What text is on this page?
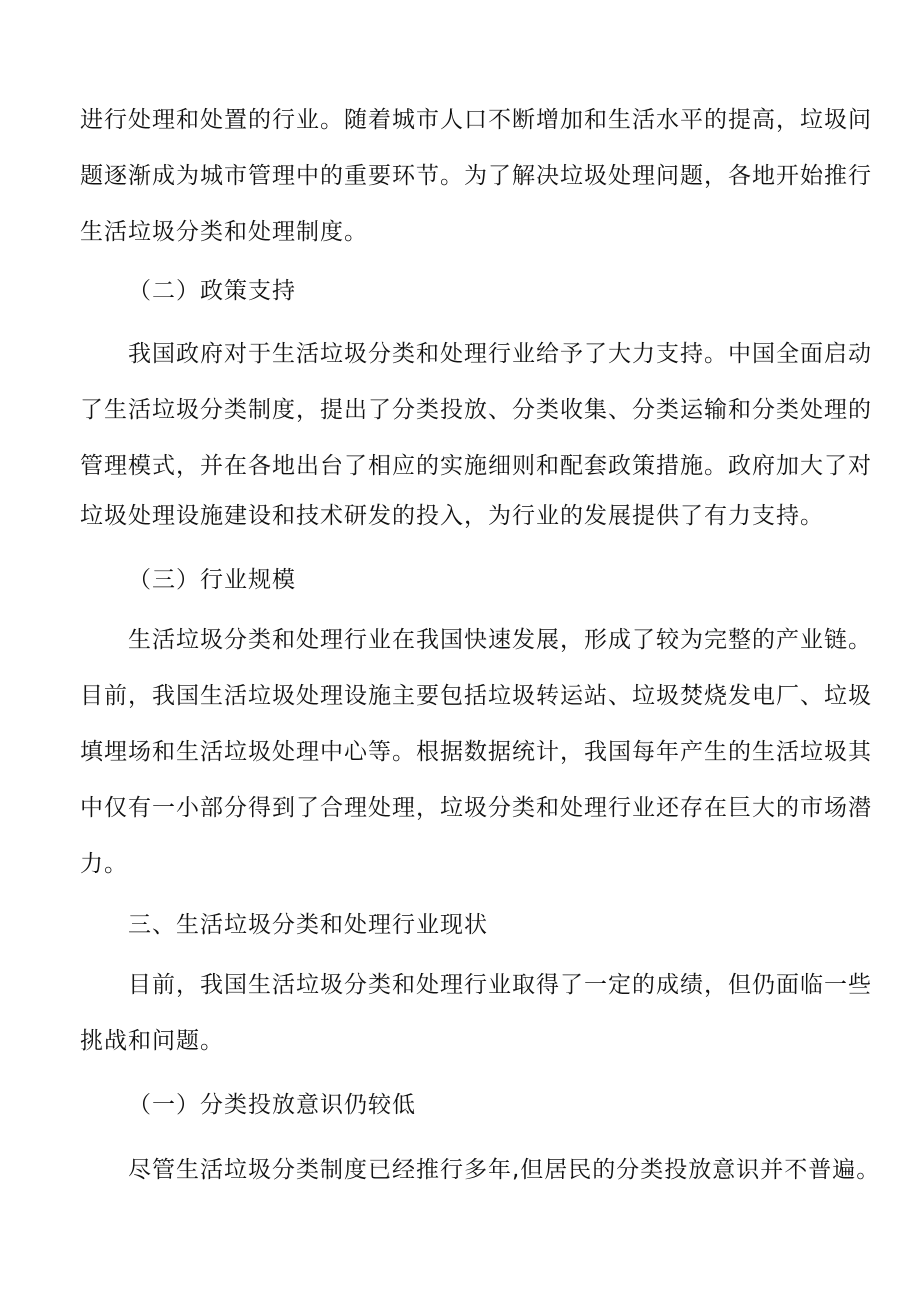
进行处理和处置的行业。随着城市人口不断增加和生活水平的提高，垃圾问
题逐渐成为城市管理中的重要环节。为了解决垃圾处理问题，各地开始推行
生活垃圾分类和处理制度。
（二）政策支持
我国政府对于生活垃圾分类和处理行业给予了大力支持。中国全面启动
了生活垃圾分类制度，提出了分类投放、分类收集、分类运输和分类处理的
管理模式，并在各地出台了相应的实施细则和配套政策措施。政府加大了对
垃圾处理设施建设和技术研发的投入，为行业的发展提供了有力支持。
（三）行业规模
生活垃圾分类和处理行业在我国快速发展，形成了较为完整的产业链。
目前，我国生活垃圾处理设施主要包括垃圾转运站、垃圾焚烧发电厂、垃圾
填埋场和生活垃圾处理中心等。根据数据统计，我国每年产生的生活垃圾其
中仅有一小部分得到了合理处理，垃圾分类和处理行业还存在巨大的市场潜
力。
三、生活垃圾分类和处理行业现状
目前，我国生活垃圾分类和处理行业取得了一定的成绩，但仍面临一些
挑战和问题。
（一）分类投放意识仍较低
尽管生活垃圾分类制度已经推行多年,但居民的分类投放意识并不普遍。
